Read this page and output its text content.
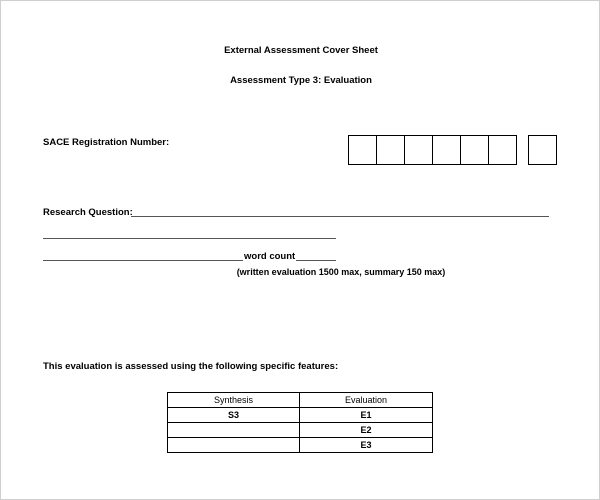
External Assessment Cover Sheet
Assessment Type 3: Evaluation
SACE Registration Number:
Research Question:
word count
(written evaluation 1500 max, summary 150 max)
This evaluation is assessed using the following specific features:
Synthesis	Evaluation
S3	E1
	E2
	E3
